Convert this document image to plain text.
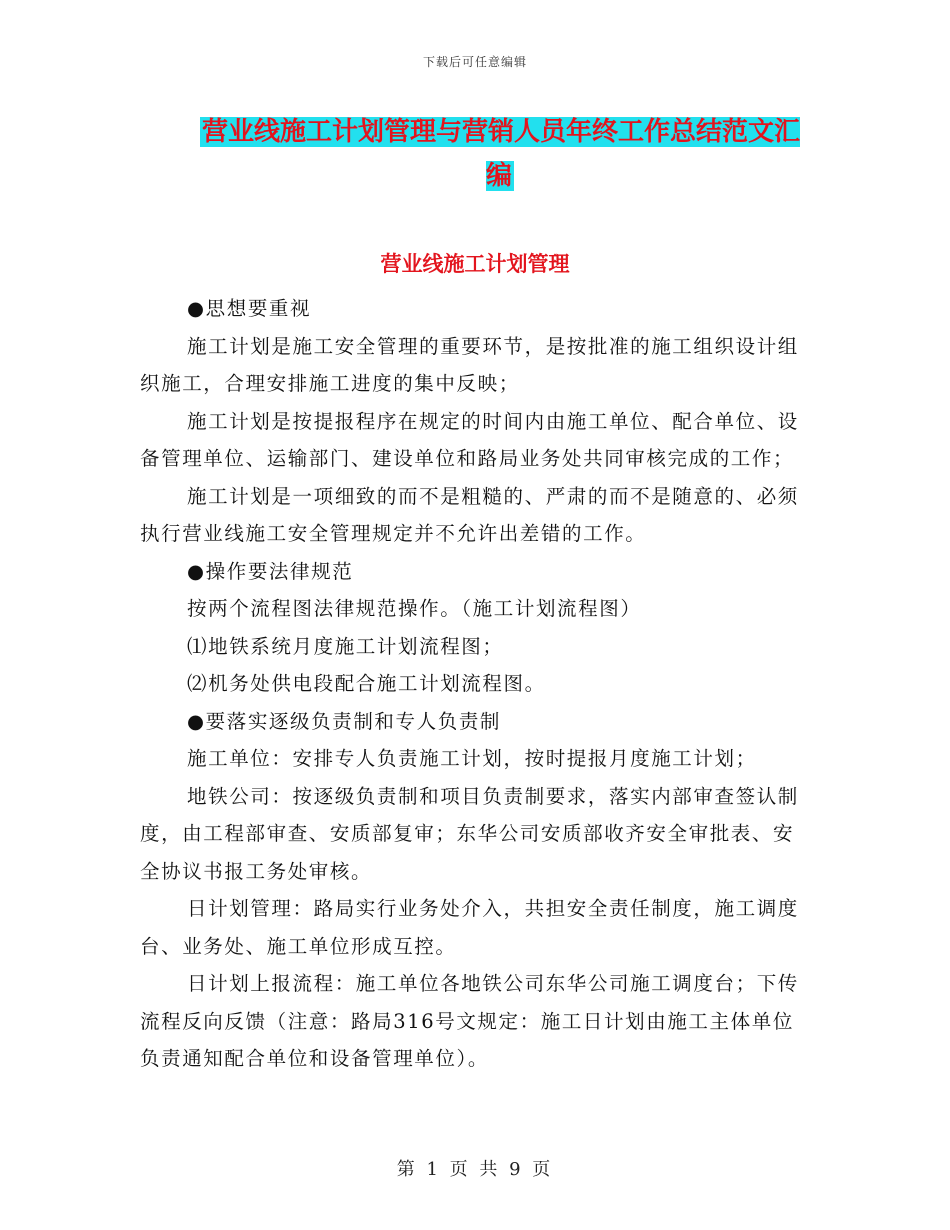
下载后可任意编辑
营业线施工计划管理与营销人员年终工作总结范文汇编
营业线施工计划管理

●思想要重视

施工计划是施工安全管理的重要环节，是按批准的施工组织设计组织施工，合理安排施工进度的集中反映；

施工计划是按提报程序在规定的时间内由施工单位、配合单位、设备管理单位、运输部门、建设单位和路局业务处共同审核完成的工作；

施工计划是一项细致的而不是粗糙的、严肃的而不是随意的、必须执行营业线施工安全管理规定并不允许出差错的工作。

●操作要法律规范

按两个流程图法律规范操作。（施工计划流程图）

⑴地铁系统月度施工计划流程图；

⑵机务处供电段配合施工计划流程图。

●要落实逐级负责制和专人负责制

施工单位：安排专人负责施工计划，按时提报月度施工计划；

地铁公司：按逐级负责制和项目负责制要求，落实内部审查签认制度，由工程部审查、安质部复审；东华公司安质部收齐安全审批表、安全协议书报工务处审核。

日计划管理：路局实行业务处介入，共担安全责任制度，施工调度台、业务处、施工单位形成互控。

日计划上报流程：施工单位各地铁公司东华公司施工调度台；下传流程反向反馈（注意：路局316号文规定：施工日计划由施工主体单位负责通知配合单位和设备管理单位）。

第 1 页 共 9 页
